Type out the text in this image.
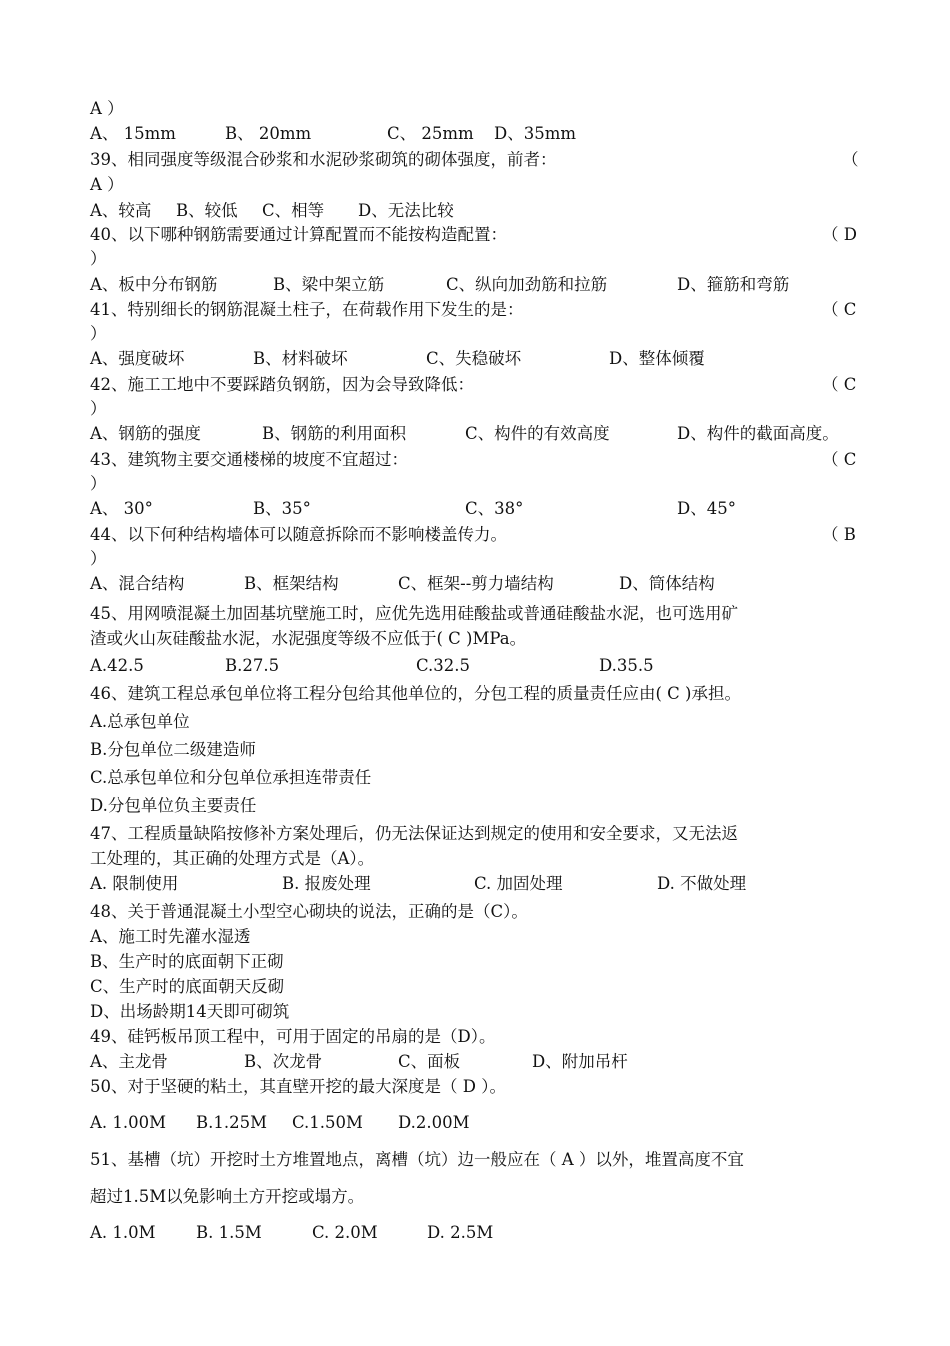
A ）
A、 15mm	B、 20mm	C、 25mm D、35mm
39、相同强度等级混合砂浆和水泥砂浆砌筑的砌体强度，前者：	（
A ）
A、较高 B、较低 C、相等 D、无法比较
40、以下哪种钢筋需要通过计算配置而不能按构造配置：	（ D
）
A、板中分布钢筋	B、梁中架立筋	C、纵向加劲筋和拉筋	D、箍筋和弯筋
41、特别细长的钢筋混凝土柱子，在荷载作用下发生的是：	（ C
）
A、强度破坏	B、材料破坏	C、失稳破坏	D、整体倾覆
42、施工工地中不要踩踏负钢筋，因为会导致降低：	（ C
）
A、钢筋的强度	B、钢筋的利用面积	C、构件的有效高度	D、构件的截面高度。
43、建筑物主要交通楼梯的坡度不宜超过：	（ C
）
A、 30°	B、35°	C、38°	D、45°
44、以下何种结构墙体可以随意拆除而不影响楼盖传力。	（ B
）
A、混合结构	B、框架结构	C、框架--剪力墙结构	D、筒体结构
45、用网喷混凝土加固基坑壁施工时，应优先选用硅酸盐或普通硅酸盐水泥，也可选用矿
渣或火山灰硅酸盐水泥，水泥强度等级不应低于( C )MPa。
A.42.5	B.27.5	C.32.5	D.35.5
46、建筑工程总承包单位将工程分包给其他单位的，分包工程的质量责任应由( C )承担。
A.总承包单位
B.分包单位二级建造师
C.总承包单位和分包单位承担连带责任
D.分包单位负主要责任
47、工程质量缺陷按修补方案处理后，仍无法保证达到规定的使用和安全要求，又无法返
工处理的，其正确的处理方式是（A）。
A. 限制使用	B. 报废处理	C. 加固处理	D. 不做处理
48、关于普通混凝土小型空心砌块的说法，正确的是（C）。
A、施工时先灌水湿透
B、生产时的底面朝下正砌
C、生产时的底面朝天反砌
D、出场龄期14天即可砌筑
49、硅钙板吊顶工程中，可用于固定的吊扇的是（D）。
A、主龙骨	B、次龙骨	C、面板	D、附加吊杆
50、对于坚硬的粘土，其直壁开挖的最大深度是（ D ）。
A. 1.00M B.1.25M C.1.50M D.2.00M
51、基槽（坑）开挖时土方堆置地点，离槽（坑）边一般应在（ A ）以外，堆置高度不宜
超过1.5M以免影响土方开挖或塌方。
A. 1.0M B. 1.5M	C. 2.0M	D. 2.5M
